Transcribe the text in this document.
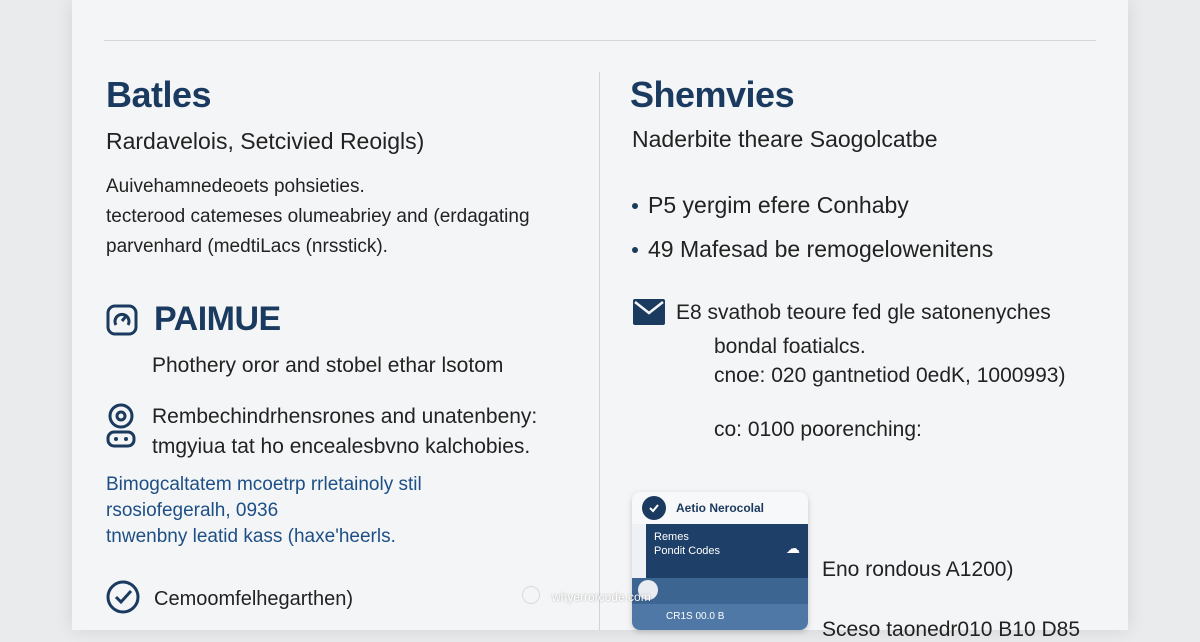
Batles
Rardavelois, Setcivied Reoigls)
Auivehamnedeoets pohsieties.
tecterood catemeses olumeabriey and (erdagating
parvenhard (medtiLacs (nrsstick).
PAIMUE
Phothery oror and stobel ethar lsotom
Rembechindrhensrones and unatenbeny:
tmgyiua tat ho encealesbvno kalchobies.
Bimogcaltatem mcoetrp rrletainoly stil
rsosiofegeralh, 0936
tnwenbny leatid kass (haxe'heerls.
Cemoomfelhegarthen)
Shemvies
Naderbite theare Saogolcatbe
P5 yergim efere Conhaby
49 Mafesad be remogelowenitens
E8 svathob teoure fed gle satonenyches
bondal foatialcs.
cnoe: 020 gantnetiod 0edK, 1000993)
co: 0100 poorenching:
Aetio Nerocolal
Remes
Pondit Codes	☁
CR1S 00.0 B
Eno rondous A1200)
Sceso taonedr010 B10 D85
whyerrorcode.com
